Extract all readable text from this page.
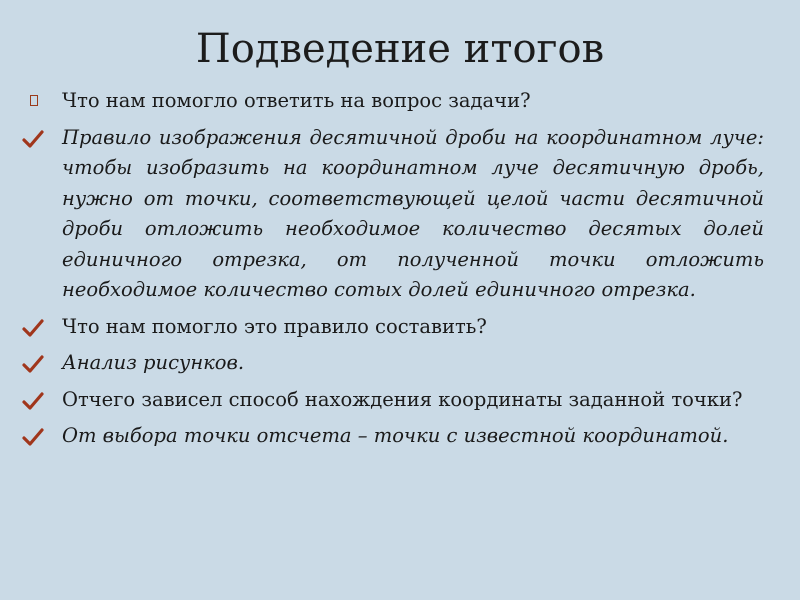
Подведение итогов
Что нам помогло ответить на вопрос задачи?
Правило изображения десятичной дроби на координатном луче: чтобы изобразить на координатном луче десятичную дробь, нужно от точки, соответствующей целой части десятичной дроби отложить необходимое количество десятых долей единичного отрезка, от полученной точки отложить необходимое количество сотых долей единичного отрезка.
Что нам помогло это правило составить?
Анализ рисунков.
Отчего зависел способ нахождения координаты заданной точки?
От выбора точки отсчета – точки с известной координатой.
